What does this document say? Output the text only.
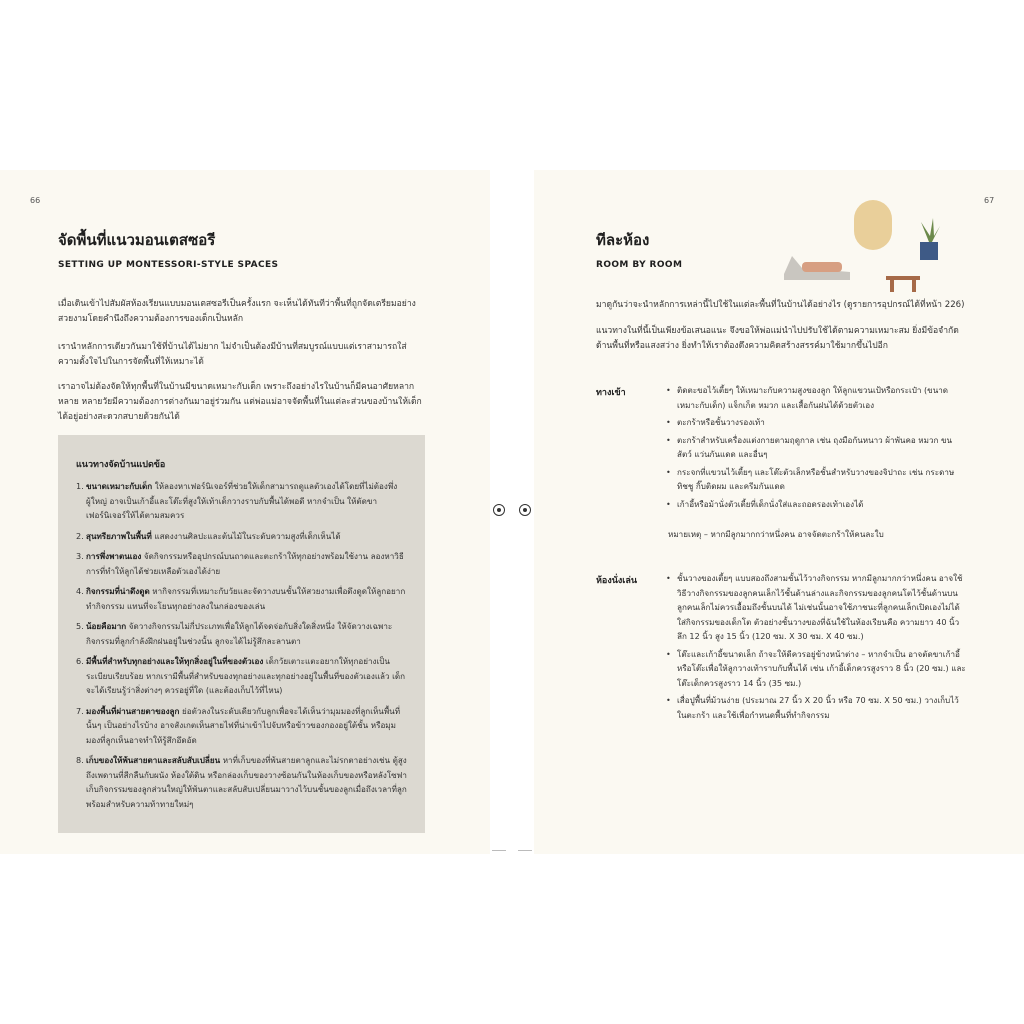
66
จัดพื้นที่แนวมอนเตสซอรี
SETTING UP MONTESSORI-STYLE SPACES
เมื่อเดินเข้าไปสัมผัสห้องเรียนแบบมอนเตสซอรีเป็นครั้งแรก จะเห็นได้ทันทีว่าพื้นที่ถูกจัดเตรียมอย่างสวยงามโดยคำนึงถึงความต้องการของเด็กเป็นหลัก
เรานำหลักการเดียวกันมาใช้ที่บ้านได้ไม่ยาก ไม่จำเป็นต้องมีบ้านที่สมบูรณ์แบบแต่เราสามารถใส่ความตั้งใจไปในการจัดพื้นที่ให้เหมาะได้
เราอาจไม่ต้องจัดให้ทุกพื้นที่ในบ้านมีขนาดเหมาะกับเด็ก เพราะถึงอย่างไรในบ้านก็มีคนอาศัยหลากหลาย หลายวัยมีความต้องการต่างกันมาอยู่ร่วมกัน แต่พ่อแม่อาจจัดพื้นที่ในแต่ละส่วนของบ้านให้เด็กได้อยู่อย่างสะดวกสบายด้วยกันได้
แนวทางจัดบ้านแปดข้อ
1. ขนาดเหมาะกับเด็ก ให้ลองหาเฟอร์นิเจอร์ที่ช่วยให้เด็กสามารถดูแลตัวเองได้โดยที่ไม่ต้องพึ่งผู้ใหญ่ อาจเป็นเก้าอี้และโต๊ะที่สูงให้เท้าเด็กวางราบกับพื้นได้พอดี หากจำเป็น ให้ตัดขาเฟอร์นิเจอร์ให้ได้ตามสมควร
2. สุนทรียภาพในพื้นที่ แสดงงานศิลปะและต้นไม้ในระดับความสูงที่เด็กเห็นได้
3. การพึ่งพาตนเอง จัดกิจกรรมหรืออุปกรณ์บนถาดและตะกร้าให้ทุกอย่างพร้อมใช้งาน ลองหาวิธีการที่ทำให้ลูกได้ช่วยเหลือตัวเองได้ง่าย
4. กิจกรรมที่น่าดึงดูด หากิจกรรมที่เหมาะกับวัยและจัดวางบนชั้นให้สวยงามเพื่อดึงดูดให้ลูกอยากทำกิจกรรม แทนที่จะโยนทุกอย่างลงในกล่องของเล่น
5. น้อยคือมาก จัดวางกิจกรรมไม่กี่ประเภทเพื่อให้ลูกได้จดจ่อกับสิ่งใดสิ่งหนึ่ง ให้จัดวางเฉพาะกิจกรรมที่ลูกกำลังฝึกฝนอยู่ในช่วงนั้น ลูกจะได้ไม่รู้สึกละลานตา
6. มีพื้นที่สำหรับทุกอย่างและให้ทุกสิ่งอยู่ในที่ของตัวเอง เด็กวัยเตาะแตะอยากให้ทุกอย่างเป็นระเบียบเรียบร้อย หากเรามีพื้นที่สำหรับของทุกอย่างและทุกอย่างอยู่ในพื้นที่ของตัวเองแล้ว เด็กจะได้เรียนรู้ว่าสิ่งต่างๆ ควรอยู่ที่ใด (และต้องเก็บไว้ที่ไหน)
7. มองพื้นที่ผ่านสายตาของลูก ย่อตัวลงในระดับเดียวกับลูกเพื่อจะได้เห็นว่ามุมมองที่ลูกเห็นพื้นที่นั้นๆ เป็นอย่างไรบ้าง อาจสังเกตเห็นสายไฟที่น่าเข้าไปจับหรือข้าวของกองอยู่ใต้ชั้น หรือมุมมองที่ลูกเห็นอาจทำให้รู้สึกอึดอัด
8. เก็บของให้พ้นสายตาและสลับสับเปลี่ยน หาที่เก็บของที่พ้นสายตาลูกและไม่รกตาอย่างเช่น ตู้สูงถึงเพดานที่สีกลืนกับผนัง ห้องใต้ดิน หรือกล่องเก็บของวางซ้อนกันในห้องเก็บของหรือหลังโซฟา เก็บกิจกรรมของลูกส่วนใหญ่ให้พ้นตาและสลับสับเปลี่ยนมาวางไว้บนชั้นของลูกเมื่อถึงเวลาที่ลูกพร้อมสำหรับความท้าทายใหม่ๆ
67
ทีละห้อง
ROOM BY ROOM
มาดูกันว่าจะนำหลักการเหล่านี้ไปใช้ในแต่ละพื้นที่ในบ้านได้อย่างไร (ดูรายการอุปกรณ์ได้ที่หน้า 226)
แนวทางในที่นี้เป็นเพียงข้อเสนอแนะ จึงขอให้พ่อแม่นำไปปรับใช้ได้ตามความเหมาะสม ยิ่งมีข้อจำกัดด้านพื้นที่หรือแสงสว่าง ยิ่งทำให้เราต้องดึงความคิดสร้างสรรค์มาใช้มากขึ้นไปอีก
ทางเข้า	• ติดตะขอไว้เตี้ยๆ ให้เหมาะกับความสูงของลูก ให้ลูกแขวนเป้หรือกระเป๋า (ขนาดเหมาะกับเด็ก) แจ็กเก็ต หมวก และเสื้อกันฝนได้ด้วยตัวเอง
• ตะกร้าหรือชั้นวางรองเท้า
• ตะกร้าสำหรับเครื่องแต่งกายตามฤดูกาล เช่น ถุงมือกันหนาว ผ้าพันคอ หมวก ขนสัตว์ แว่นกันแดด และอื่นๆ
• กระจกที่แขวนไว้เตี้ยๆ และโต๊ะตัวเล็กหรือชั้นสำหรับวางของจิปาถะ เช่น กระดาษทิชชู กิ๊บติดผม และครีมกันแดด
• เก้าอี้หรือม้านั่งตัวเตี้ยที่เด็กนั่งใส่และถอดรองเท้าเองได้
หมายเหตุ – หากมีลูกมากกว่าหนึ่งคน อาจจัดตะกร้าให้คนละใบ
ห้องนั่งเล่น	• ชั้นวางของเตี้ยๆ แบบสองถึงสามชั้นไว้วางกิจกรรม หากมีลูกมากกว่าหนึ่งคน อาจใช้วิธีวางกิจกรรมของลูกคนเล็กไว้ชั้นด้านล่างและกิจกรรมของลูกคนโตไว้ชั้นด้านบน ลูกคนเล็กไม่ควรเอื้อมถึงชั้นบนได้ ไม่เช่นนั้นอาจใช้ภาชนะที่ลูกคนเล็กเปิดเองไม่ได้ใส่กิจกรรมของเด็กโต ตัวอย่างชั้นวางของที่ฉันใช้ในห้องเรียนคือ ความยาว 40 นิ้ว ลึก 12 นิ้ว สูง 15 นิ้ว (120 ซม. X 30 ซม. X 40 ซม.)
• โต๊ะและเก้าอี้ขนาดเล็ก ถ้าจะให้ดีควรอยู่ข้างหน้าต่าง – หากจำเป็น อาจตัดขาเก้าอี้หรือโต๊ะเพื่อให้ลูกวางเท้าราบกับพื้นได้ เช่น เก้าอี้เด็กควรสูงราว 8 นิ้ว (20 ซม.) และโต๊ะเด็กควรสูงราว 14 นิ้ว (35 ซม.)
• เสื่อปูพื้นที่ม้วนง่าย (ประมาณ 27 นิ้ว X 20 นิ้ว หรือ 70 ซม. X 50 ซม.) วางเก็บไว้ในตะกร้า และใช้เพื่อกำหนดพื้นที่ทำกิจกรรม
